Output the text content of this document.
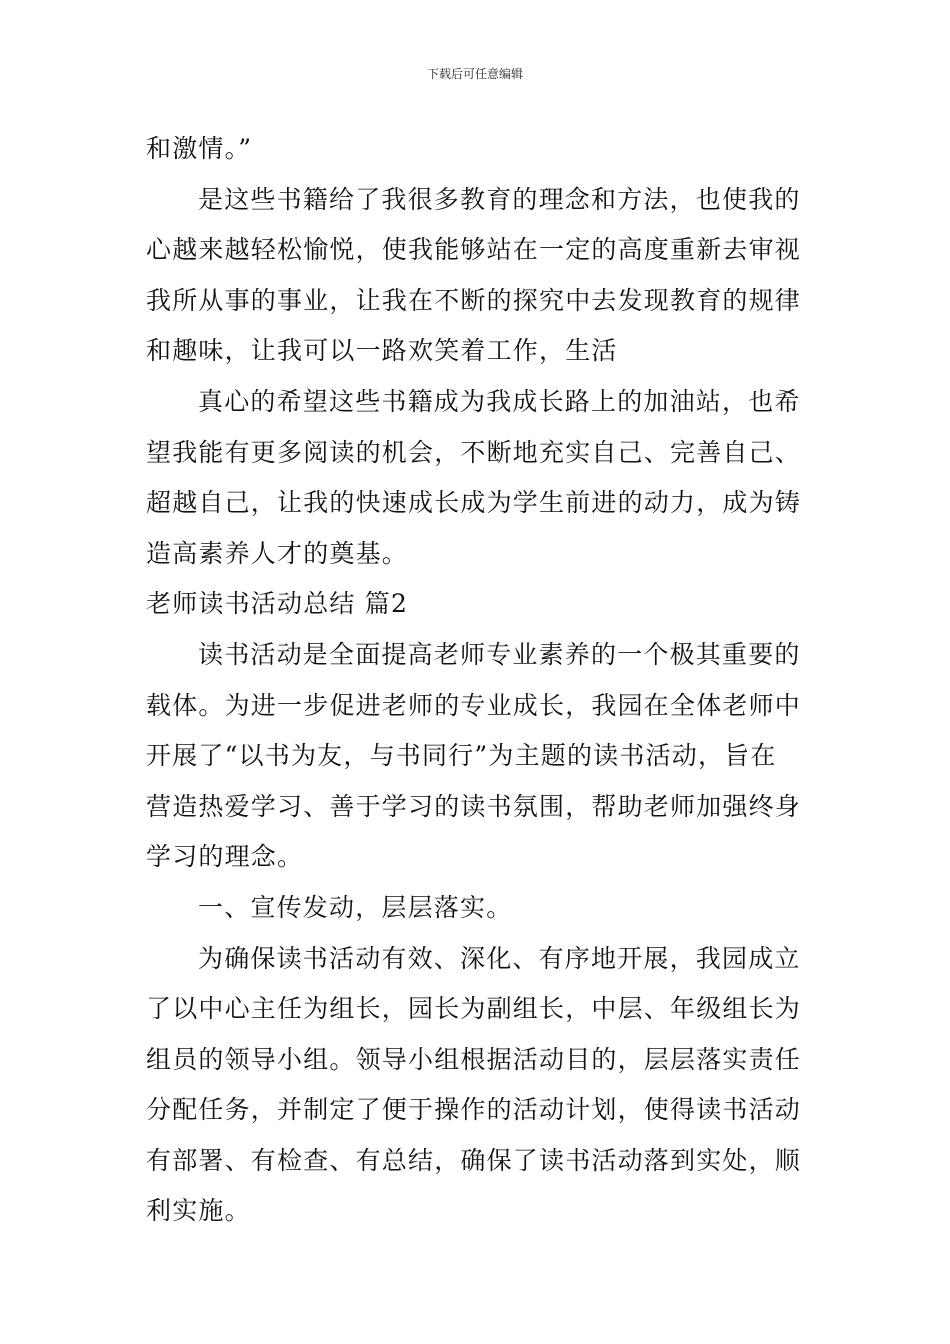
下载后可任意编辑
和激情。”
是这些书籍给了我很多教育的理念和方法，也使我的
心越来越轻松愉悦，使我能够站在一定的高度重新去审视
我所从事的事业，让我在不断的探究中去发现教育的规律
和趣味，让我可以一路欢笑着工作，生活
真心的希望这些书籍成为我成长路上的加油站，也希
望我能有更多阅读的机会，不断地充实自己、完善自己、
超越自己，让我的快速成长成为学生前进的动力，成为铸
造高素养人才的奠基。
老师读书活动总结 篇2
读书活动是全面提高老师专业素养的一个极其重要的
载体。为进一步促进老师的专业成长，我园在全体老师中
开展了“以书为友，与书同行”为主题的读书活动，旨在
营造热爱学习、善于学习的读书氛围，帮助老师加强终身
学习的理念。
一、宣传发动，层层落实。
为确保读书活动有效、深化、有序地开展，我园成立
了以中心主任为组长，园长为副组长，中层、年级组长为
组员的领导小组。领导小组根据活动目的，层层落实责任
分配任务，并制定了便于操作的活动计划，使得读书活动
有部署、有检查、有总结，确保了读书活动落到实处，顺
利实施。
